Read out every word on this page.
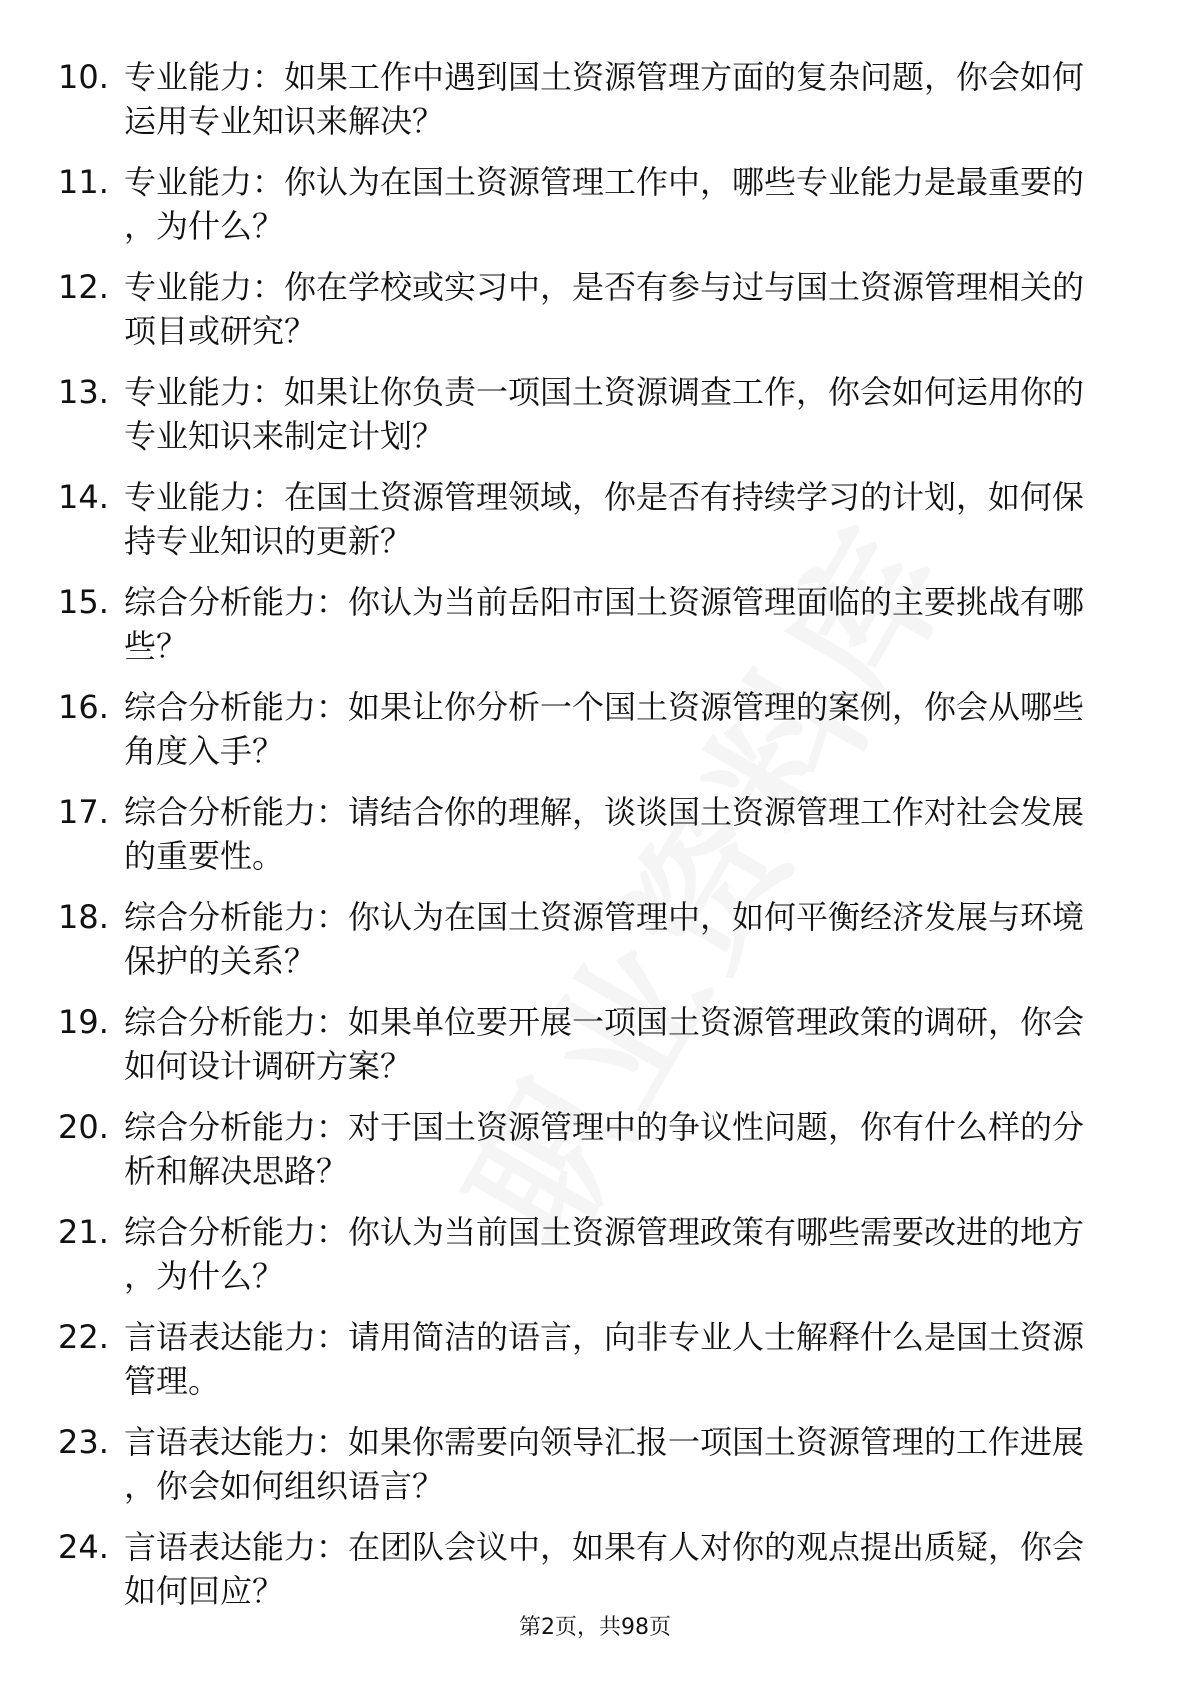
10. 专业能力：如果工作中遇到国土资源管理方面的复杂问题，你会如何运用专业知识来解决？
11. 专业能力：你认为在国土资源管理工作中，哪些专业能力是最重要的，为什么？
12. 专业能力：你在学校或实习中，是否有参与过与国土资源管理相关的项目或研究？
13. 专业能力：如果让你负责一项国土资源调查工作，你会如何运用你的专业知识来制定计划？
14. 专业能力：在国土资源管理领域，你是否有持续学习的计划，如何保持专业知识的更新？
15. 综合分析能力：你认为当前岳阳市国土资源管理面临的主要挑战有哪些？
16. 综合分析能力：如果让你分析一个国土资源管理的案例，你会从哪些角度入手？
17. 综合分析能力：请结合你的理解，谈谈国土资源管理工作对社会发展的重要性。
18. 综合分析能力：你认为在国土资源管理中，如何平衡经济发展与环境保护的关系？
19. 综合分析能力：如果单位要开展一项国土资源管理政策的调研，你会如何设计调研方案？
20. 综合分析能力：对于国土资源管理中的争议性问题，你有什么样的分析和解决思路？
21. 综合分析能力：你认为当前国土资源管理政策有哪些需要改进的地方，为什么？
22. 言语表达能力：请用简洁的语言，向非专业人士解释什么是国土资源管理。
23. 言语表达能力：如果你需要向领导汇报一项国土资源管理的工作进展，你会如何组织语言？
24. 言语表达能力：在团队会议中，如果有人对你的观点提出质疑，你会如何回应？
第2页，共98页
